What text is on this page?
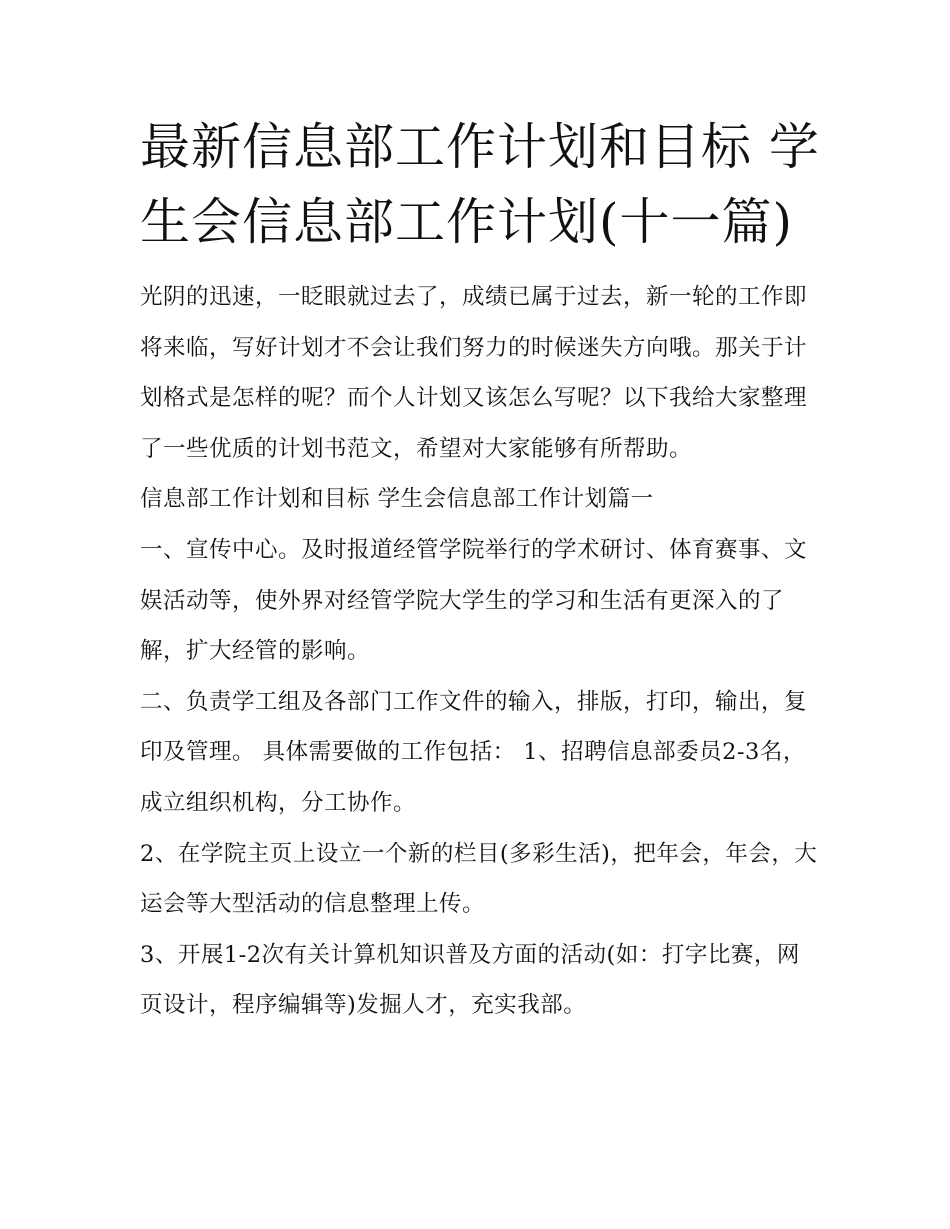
最新信息部工作计划和目标 学生会信息部工作计划(十一篇)

光阴的迅速，一眨眼就过去了，成绩已属于过去，新一轮的工作即将来临，写好计划才不会让我们努力的时候迷失方向哦。那关于计划格式是怎样的呢？而个人计划又该怎么写呢？以下我给大家整理了一些优质的计划书范文，希望对大家能够有所帮助。

信息部工作计划和目标 学生会信息部工作计划篇一

一、宣传中心。及时报道经管学院举行的学术研讨、体育赛事、文娱活动等，使外界对经管学院大学生的学习和生活有更深入的了解，扩大经管的影响。

二、负责学工组及各部门工作文件的输入，排版，打印，输出，复印及管理。 具体需要做的工作包括： 1、招聘信息部委员2-3名，成立组织机构，分工协作。

2、在学院主页上设立一个新的栏目(多彩生活)，把年会，年会，大运会等大型活动的信息整理上传。

3、开展1-2次有关计算机知识普及方面的活动(如：打字比赛，网页设计，程序编辑等)发掘人才，充实我部。
